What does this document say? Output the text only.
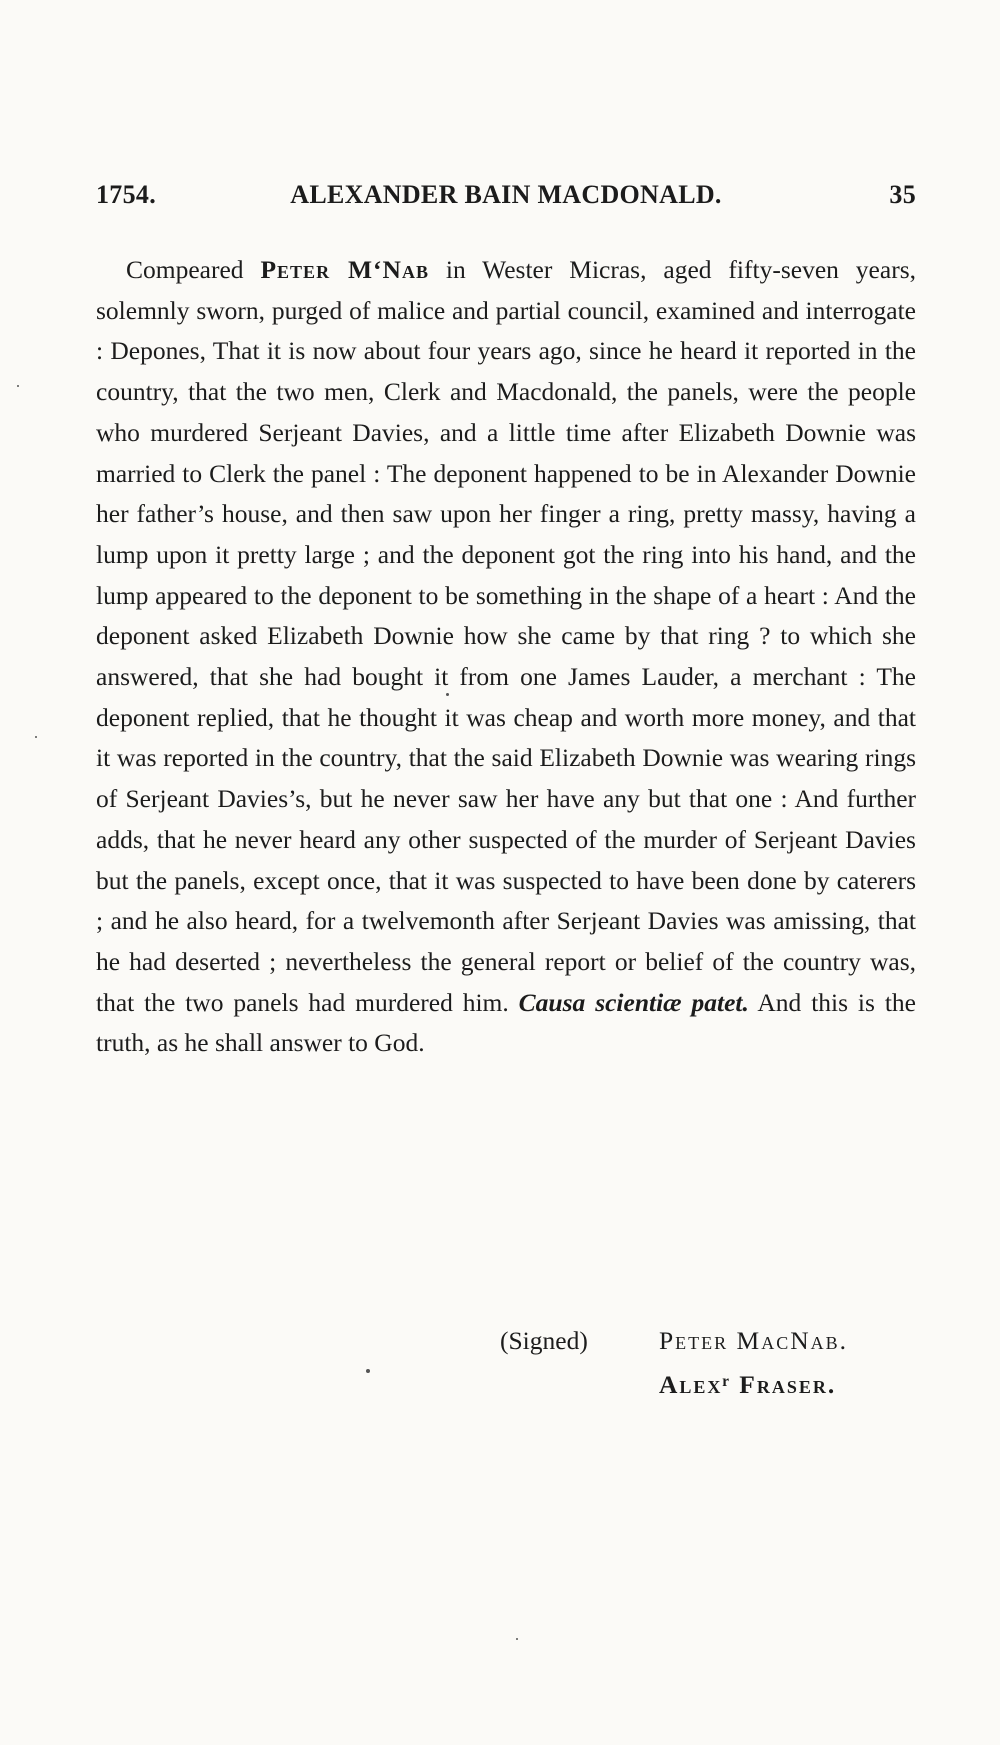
1754.	ALEXANDER BAIN MACDONALD.	35

Compeared Peter M‘Nab in Wester Micras, aged fifty-seven years, solemnly sworn, purged of malice and partial council, examined and interrogate : Depones, That it is now about four years ago, since he heard it reported in the country, that the two men, Clerk and Macdonald, the panels, were the people who murdered Serjeant Davies, and a little time after Elizabeth Downie was married to Clerk the panel : The deponent happened to be in Alexander Downie her father’s house, and then saw upon her finger a ring, pretty massy, having a lump upon it pretty large ; and the deponent got the ring into his hand, and the lump appeared to the deponent to be something in the shape of a heart : And the deponent asked Elizabeth Downie how she came by that ring ? to which she answered, that she had bought it from one James Lauder, a merchant : The deponent replied, that he thought it was cheap and worth more money, and that it was reported in the country, that the said Elizabeth Downie was wearing rings of Serjeant Davies’s, but he never saw her have any but that one : And further adds, that he never heard any other suspected of the murder of Serjeant Davies but the panels, except once, that it was suspected to have been done by caterers ; and he also heard, for a twelvemonth after Serjeant Davies was amissing, that he had deserted ; nevertheless the general report or belief of the country was, that the two panels had murdered him. Causa scientiæ patet. And this is the truth, as he shall answer to God.

(Signed)	Peter MacNab.
Alexʳ Fraser.
